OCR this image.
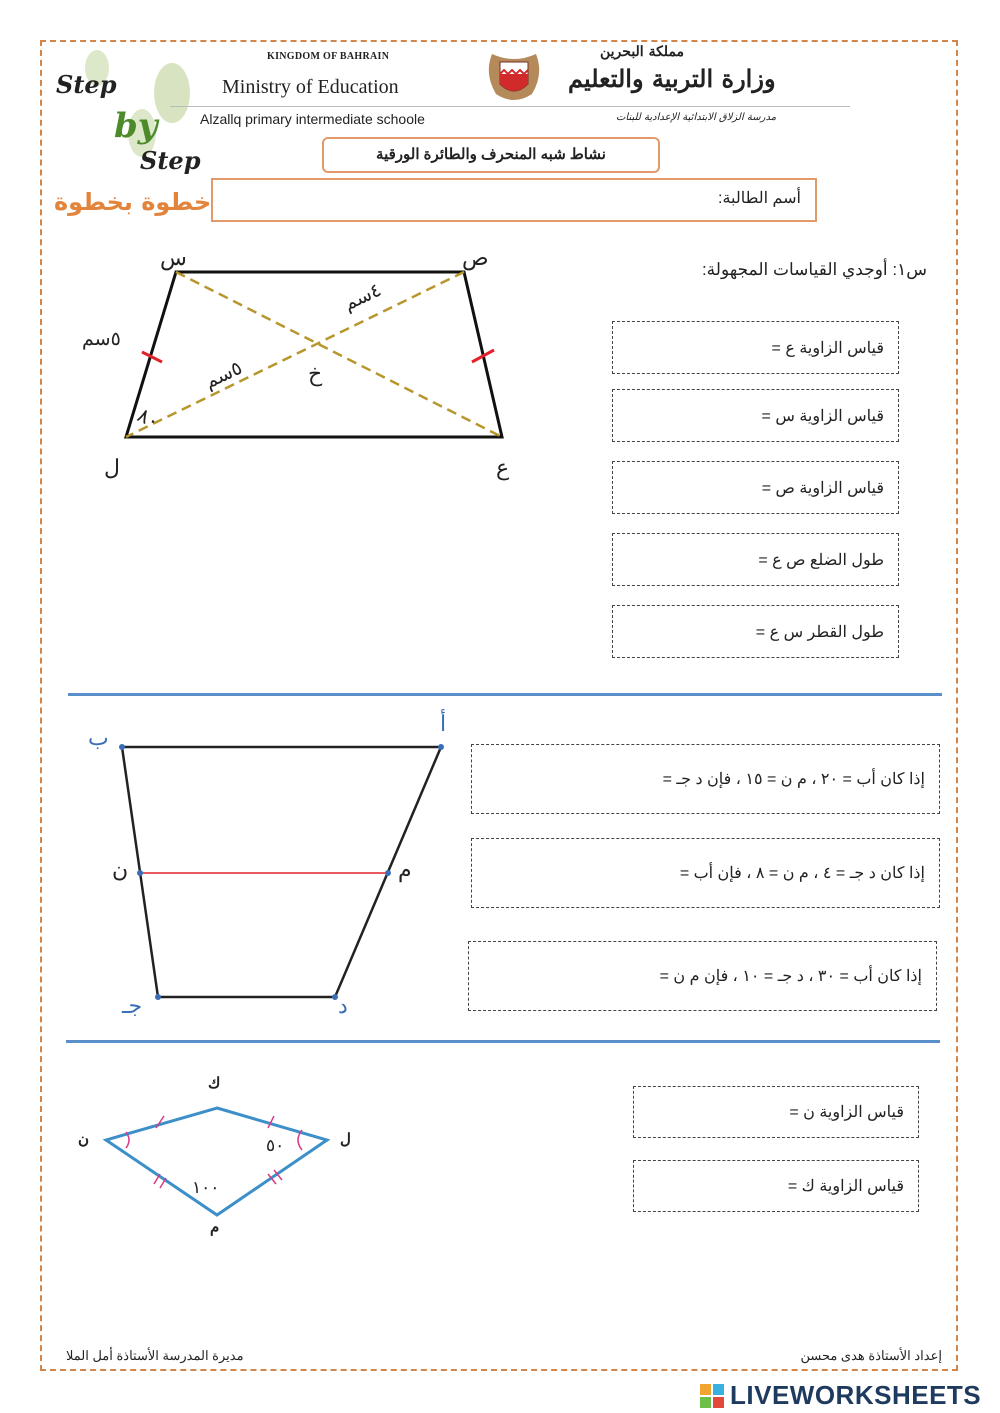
Step
by
Step
خطوة بخطوة
KINGDOM OF BAHRAIN
Ministry of Education
Alzallq primary intermediate schoole
مملكة البحرين
وزارة التربية والتعليم
مدرسة الزلاق الابتدائية الإعدادية للبنات
نشاط شبه المنحرف والطائرة الورقية
أسم الطالبة:
س١: أوجدي القياسات المجهولة:
س	ص
ل	ع
خ
٥سم
٤سم
٥سم
٨٠
قياس الزاوية ع =
قياس الزاوية س =
قياس الزاوية ص =
طول الضلع ص ع =
طول القطر س ع =
أ
ب
م
ن
د
جـ
إذا كان أب = ٢٠ ، م ن = ١٥ ، فإن د جـ =
إذا كان د جـ = ٤ ، م ن = ٨ ، فإن أب =
إذا كان أب = ٣٠ ، د جـ = ١٠ ، فإن م ن =
ك
ن	ل
م
٥٠
١٠٠
قياس الزاوية ن =
قياس الزاوية ك =
إعداد الأستاذة هدى محسن
مديرة المدرسة الأستاذة أمل الملا
LIVEWORKSHEETS
